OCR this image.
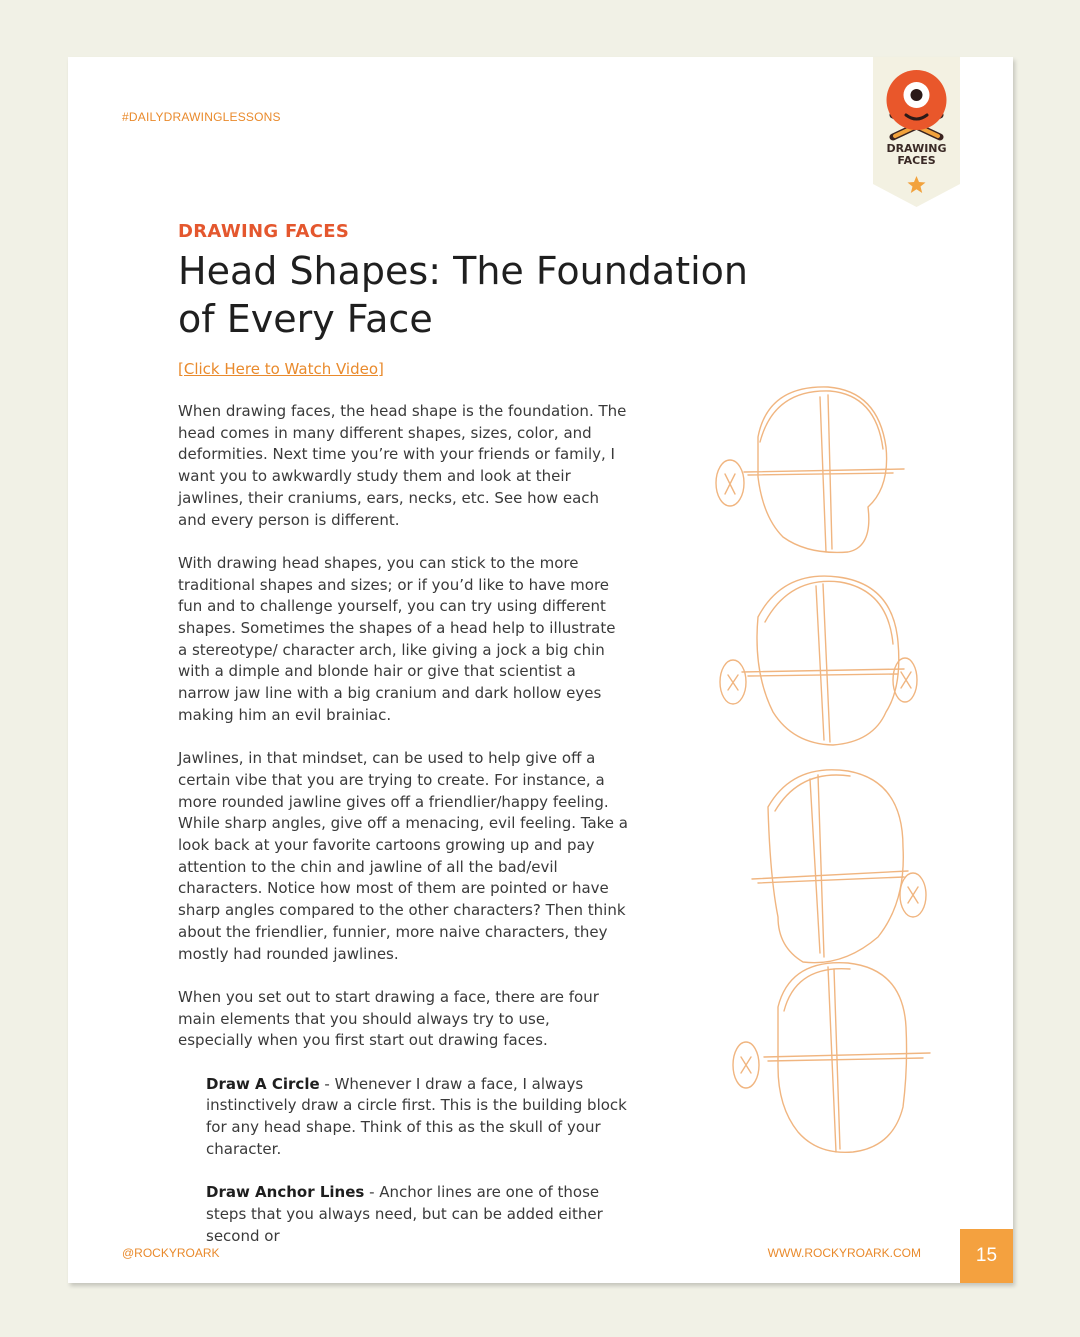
#DAILYDRAWINGLESSONS
DRAWING
FACES
DRAWING FACES
Head Shapes: The Foundation of Every Face
[Click Here to Watch Video]

When drawing faces, the head shape is the foundation. The head comes in many different shapes, sizes, color, and deformities. Next time you’re with your friends or family, I want you to awkwardly study them and look at their jawlines, their craniums, ears, necks, etc. See how each and every person is different.

With drawing head shapes, you can stick to the more traditional shapes and sizes; or if you’d like to have more fun and to challenge yourself, you can try using different shapes. Sometimes the shapes of a head help to illustrate a stereotype/ character arch, like giving a jock a big chin with a dimple and blonde hair or give that scientist a narrow jaw line with a big cranium and dark hollow eyes making him an evil brainiac.

Jawlines, in that mindset, can be used to help give off a certain vibe that you are trying to create. For instance, a more rounded jawline gives off a friendlier/happy feeling. While sharp angles, give off a menacing, evil feeling. Take a look back at your favorite cartoons growing up and pay attention to the chin and jawline of all the bad/evil characters. Notice how most of them are pointed or have sharp angles compared to the other characters? Then think about the friendlier, funnier, more naive characters, they mostly had rounded jawlines.

When you set out to start drawing a face, there are four main elements that you should always try to use, especially when you first start out drawing faces.

Draw A Circle - Whenever I draw a face, I always instinctively draw a circle first. This is the building block for any head shape. Think of this as the skull of your character.

Draw Anchor Lines - Anchor lines are one of those steps that you always need, but can be added either second or

@ROCKYROARK	WWW.ROCKYROARK.COM	15
